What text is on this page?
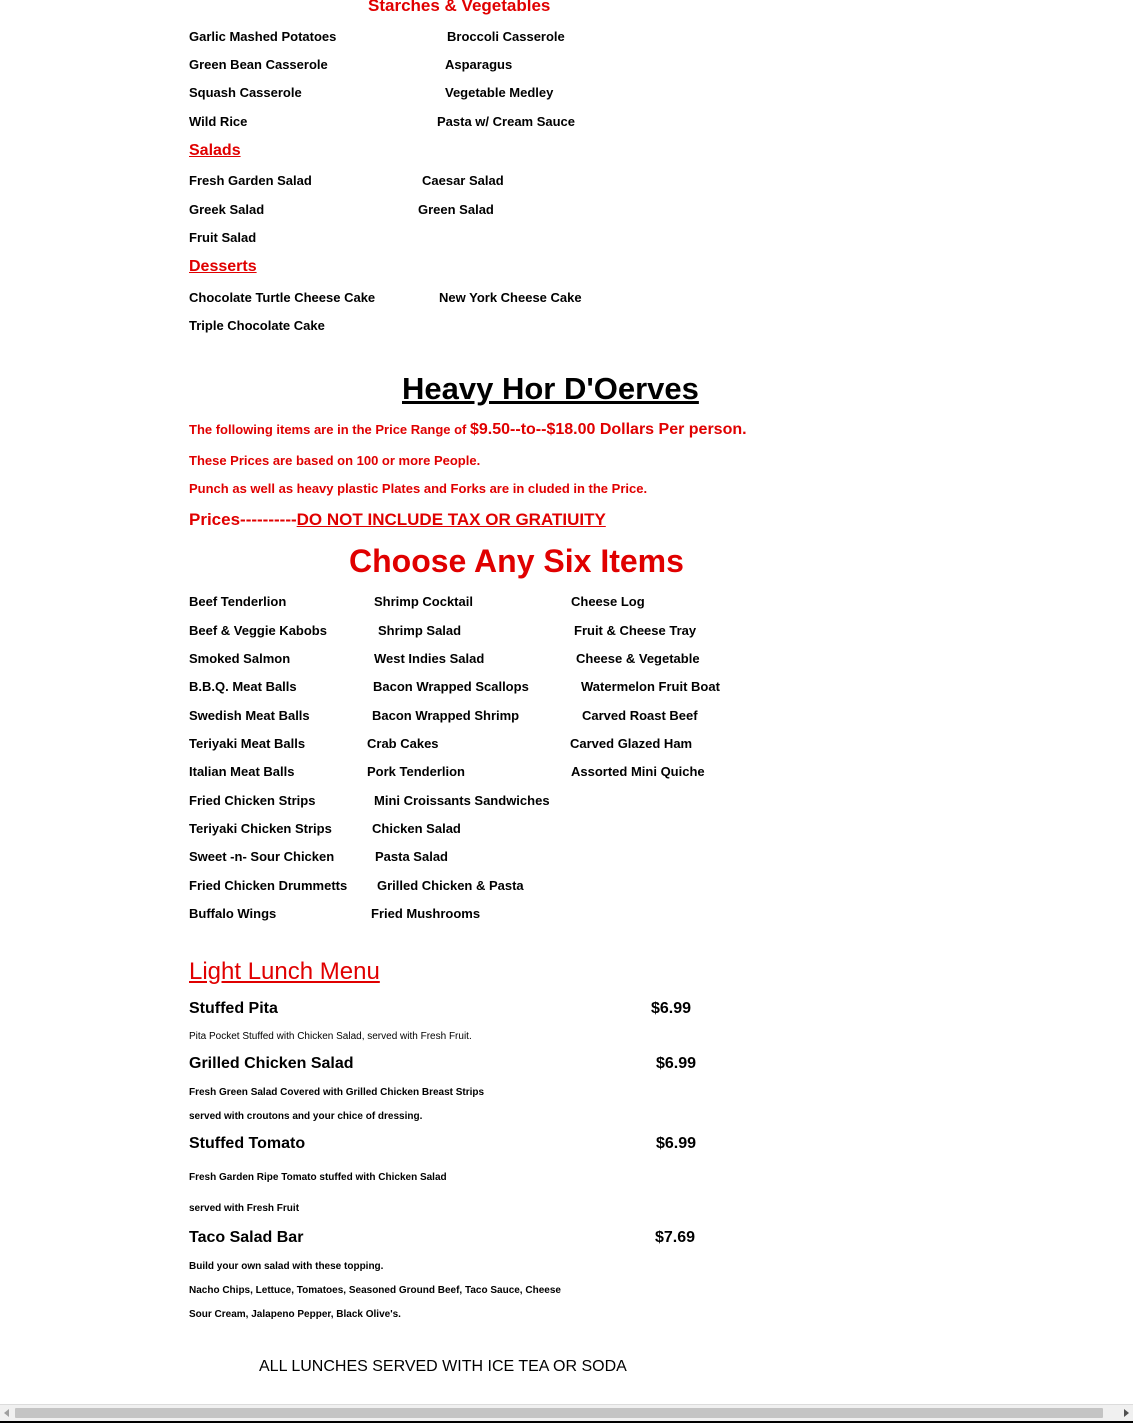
Starches & Vegetables
Garlic Mashed Potatoes	Broccoli Casserole
Green Bean Casserole	Asparagus
Squash Casserole	Vegetable Medley
Wild Rice	Pasta w/ Cream Sauce
Salads
Fresh Garden Salad	Caesar Salad
Greek Salad	Green Salad
Fruit Salad
Desserts
Chocolate Turtle Cheese Cake	New York Cheese Cake
Triple Chocolate Cake
Heavy Hor D'Oerves
The following items are in the Price Range of $9.50--to--$18.00 Dollars Per person.
These Prices are based on 100 or more People.
Punch as well as heavy plastic Plates and Forks are in cluded in the Price.
Prices----------DO NOT INCLUDE TAX OR GRATIUITY
Choose Any Six Items
Beef Tenderlion	Shrimp Cocktail	Cheese Log
Beef & Veggie Kabobs	Shrimp Salad	Fruit & Cheese Tray
Smoked Salmon	West Indies Salad	Cheese & Vegetable
B.B.Q. Meat Balls	Bacon Wrapped Scallops	Watermelon Fruit Boat
Swedish Meat Balls	Bacon Wrapped Shrimp	Carved Roast Beef
Teriyaki Meat Balls	Crab Cakes	Carved Glazed Ham
Italian Meat Balls	Pork Tenderlion	Assorted Mini Quiche
Fried Chicken Strips	Mini Croissants Sandwiches
Teriyaki Chicken Strips	Chicken Salad
Sweet -n- Sour Chicken	Pasta Salad
Fried Chicken Drummetts Grilled Chicken & Pasta
Buffalo Wings	Fried Mushrooms
Light Lunch Menu
Stuffed Pita	$6.99
Pita Pocket Stuffed with Chicken Salad, served with Fresh Fruit.
Grilled Chicken Salad	$6.99
Fresh Green Salad Covered with Grilled Chicken Breast Strips
served with croutons and your chice of dressing.
Stuffed Tomato	$6.99
Fresh Garden Ripe Tomato stuffed with Chicken Salad
served with Fresh Fruit
Taco Salad Bar	$7.69
Build your own salad with these topping.
Nacho Chips, Lettuce, Tomatoes, Seasoned Ground Beef, Taco Sauce, Cheese
Sour Cream, Jalapeno Pepper, Black Olive's.
ALL LUNCHES SERVED WITH ICE TEA OR SODA
